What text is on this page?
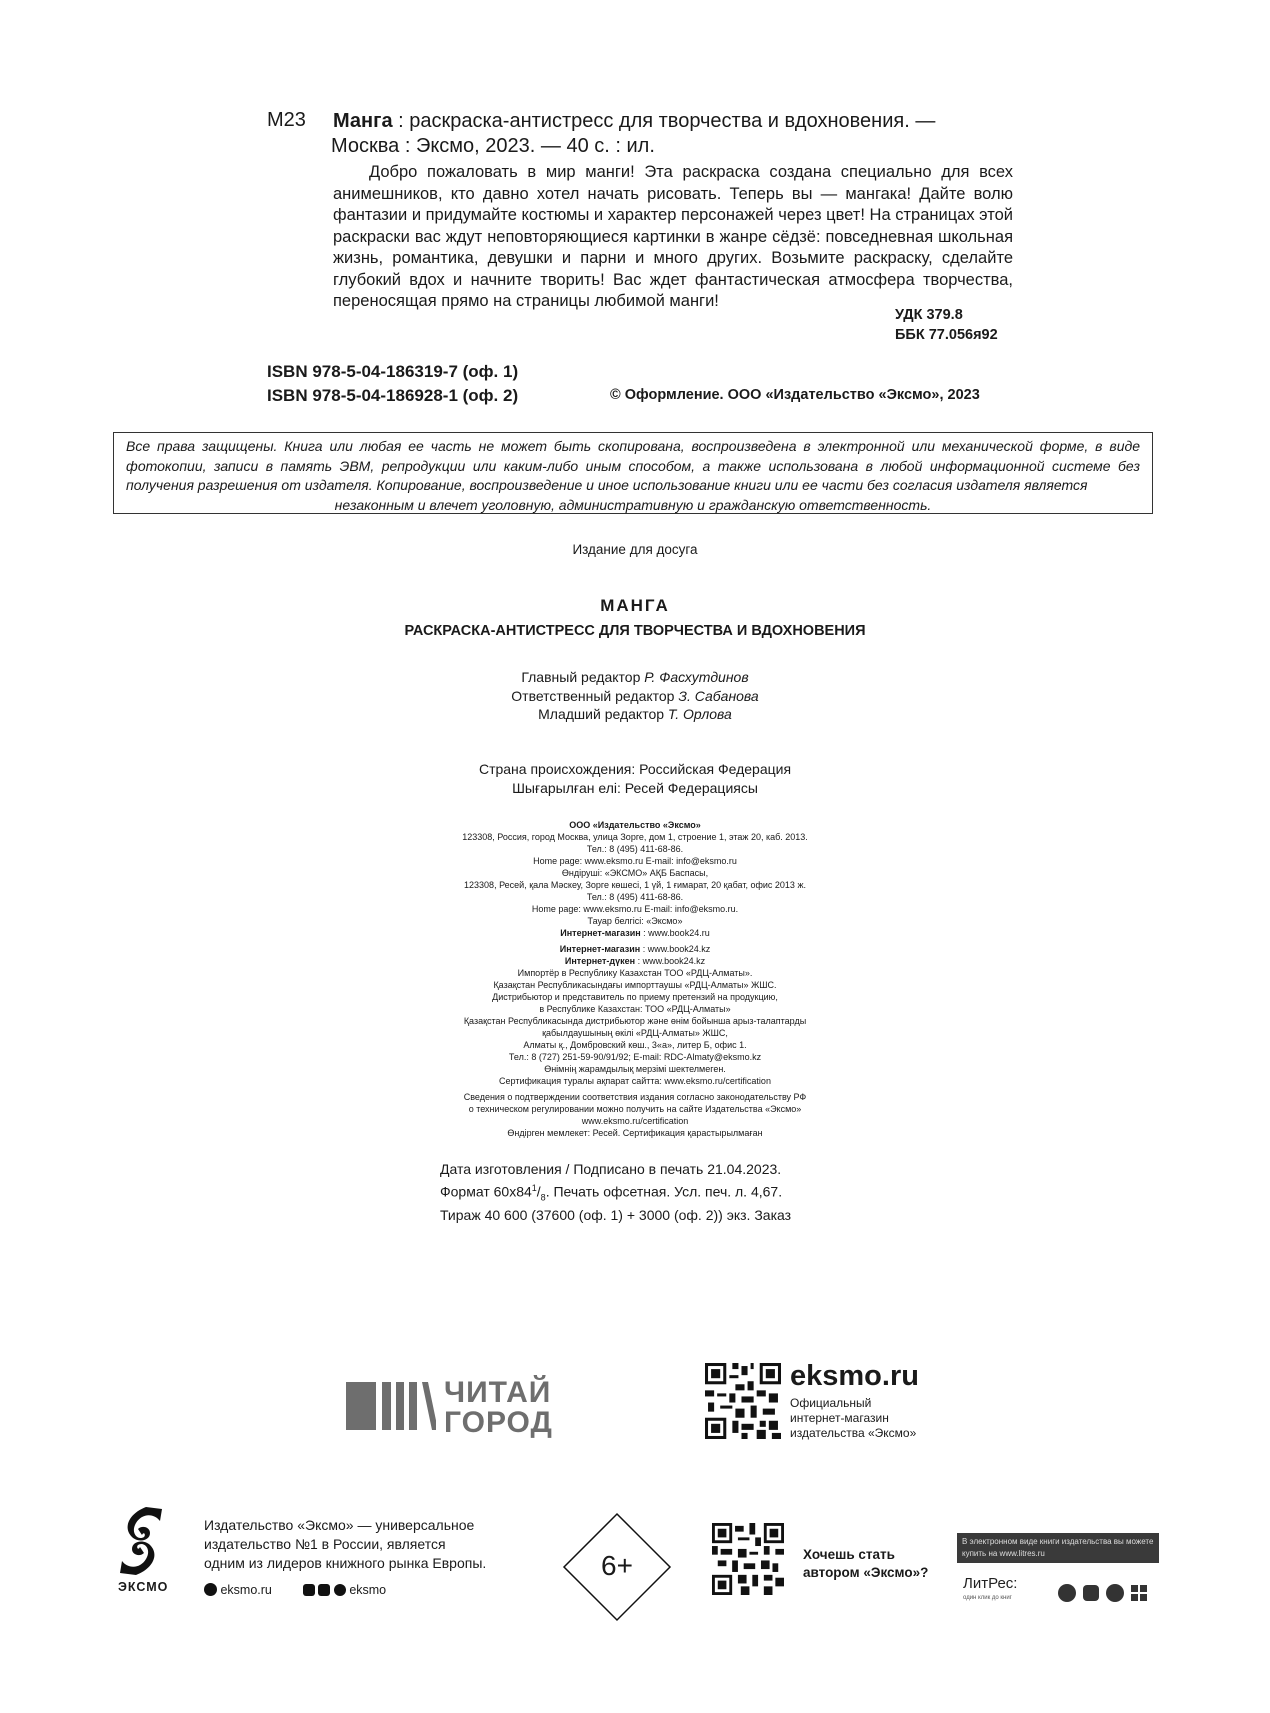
М23 Манга : раскраска-антистресс для творчества и вдохновения. —
Москва : Эксмо, 2023. — 40 с. : ил.

Добро пожаловать в мир манги! Эта раскраска создана специально для всех анимешников, кто давно хотел начать рисовать. Теперь вы — мангака! Дайте волю фантазии и придумайте костюмы и характер персонажей через цвет! На страницах этой раскраски вас ждут неповторяющиеся картинки в жанре сёдзё: повседневная школьная жизнь, романтика, девушки и парни и много других. Возьмите раскраску, сделайте глубокий вдох и начните творить! Вас ждет фантастическая атмосфера творчества, переносящая прямо на страницы любимой манги!

УДК 379.8
ББК 77.056я92
ISBN 978-5-04-186319-7 (оф. 1)
ISBN 978-5-04-186928-1 (оф. 2)	© Оформление. ООО «Издательство «Эксмо», 2023
Все права защищены. Книга или любая ее часть не может быть скопирована, воспроизведена в электронной или механической форме, в виде фотокопии, записи в память ЭВМ, репродукции или каким-либо иным способом, а также использована в любой информационной системе без получения разрешения от издателя. Копирование, воспроизведение и иное использование книги или ее части без согласия издателя является
незаконным и влечет уголовную, административную и гражданскую ответственность.
Издание для досуга
МАНГА
РАСКРАСКА-АНТИСТРЕСС ДЛЯ ТВОРЧЕСТВА И ВДОХНОВЕНИЯ
Главный редактор Р. Фасхутдинов
Ответственный редактор З. Сабанова
Младший редактор Т. Орлова
Страна происхождения: Российская Федерация
Шығарылған елі: Ресей Федерациясы
ООО «Издательство «Эксмо»
123308, Россия, город Москва, улица Зорге, дом 1, строение 1, этаж 20, каб. 2013.
Тел.: 8 (495) 411-68-86.
Home page: www.eksmo.ru E-mail: info@eksmo.ru
Өндіруші: «ЭКСМО» АҚБ Баспасы,
123308, Ресей, қала Мәскеу, Зорге көшесі, 1 үй, 1 ғимарат, 20 қабат, офис 2013 ж.
Тел.: 8 (495) 411-68-86.
Home page: www.eksmo.ru E-mail: info@eksmo.ru.
Тауар белгісі: «Эксмо»
Интернет-магазин : www.book24.ru
Интернет-магазин : www.book24.kz
Интернет-дүкен : www.book24.kz
Импортёр в Республику Казахстан ТОО «РДЦ-Алматы».
Қазақстан Республикасындағы импорттаушы «РДЦ-Алматы» ЖШС.
Дистрибьютор и представитель по приему претензий на продукцию,
в Республике Казахстан: ТОО «РДЦ-Алматы»
Қазақстан Республикасында дистрибьютор және өнім бойынша арыз-талаптарды
қабылдаушының өкілі «РДЦ-Алматы» ЖШС,
Алматы қ., Домбровский көш., 3«а», литер Б, офис 1.
Тел.: 8 (727) 251-59-90/91/92; E-mail: RDC-Almaty@eksmo.kz
Өнімнің жарамдылық мерзімі шектелмеген.
Сертификация туралы ақпарат сайтта: www.eksmo.ru/certification
Сведения о подтверждении соответствия издания согласно законодательству РФ
о техническом регулировании можно получить на сайте Издательства «Эксмо»
www.eksmo.ru/certification
Өндірген мемлекет: Ресей. Сертификация қарастырылмаған
Дата изготовления / Подписано в печать 21.04.2023.
Формат $60x84^1/_8$. Печать офсетная. Усл. печ. л. 4,67.
Тираж 40 600 (37600 (оф. 1) + 3000 (оф. 2)) экз. Заказ
ЧИТАЙ
ГОРОД
eksmo.ru
Официальный
интернет-магазин
издательства «Эксмо»
ЭКСМО
Издательство «Эксмо» — универсальное
издательство №1 в России, является
одним из лидеров книжного рынка Европы.
eksmo.ru	eksmo
6+	Хочешь стать
автором «Эксмо»?
В электронном виде книги издательства вы можете
купить на www.litres.ru
ЛитРес:
один клик до книг
